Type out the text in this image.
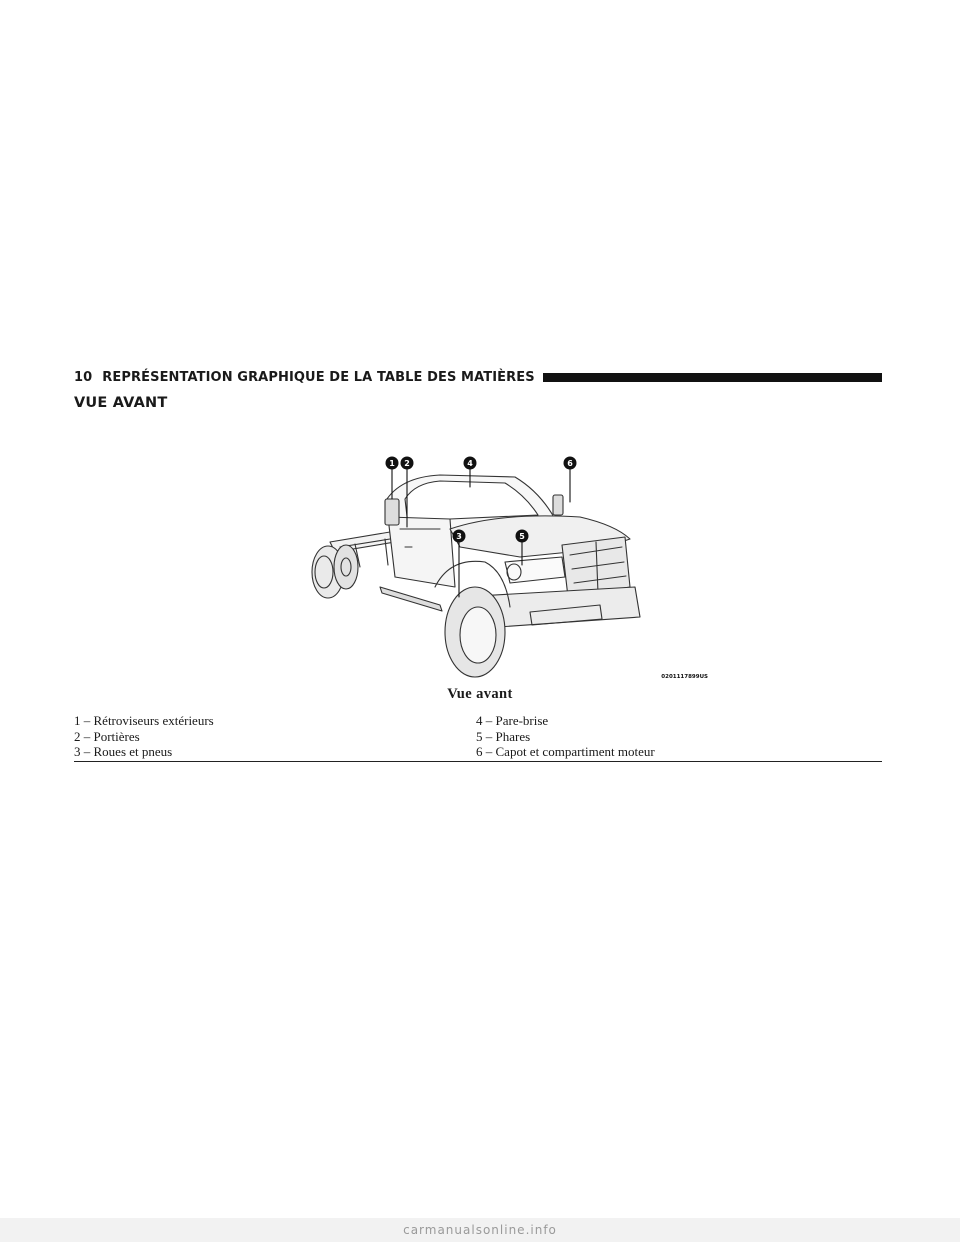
10 REPRÉSENTATION GRAPHIQUE DE LA TABLE DES MATIÈRES
VUE AVANT
1 2
3
4
5
6
0201117899US
Vue avant
1 – Rétroviseurs extérieurs	4 – Pare-brise
2 – Portières	5 – Phares
3 – Roues et pneus	6 – Capot et compartiment moteur
carmanualsonline.info
